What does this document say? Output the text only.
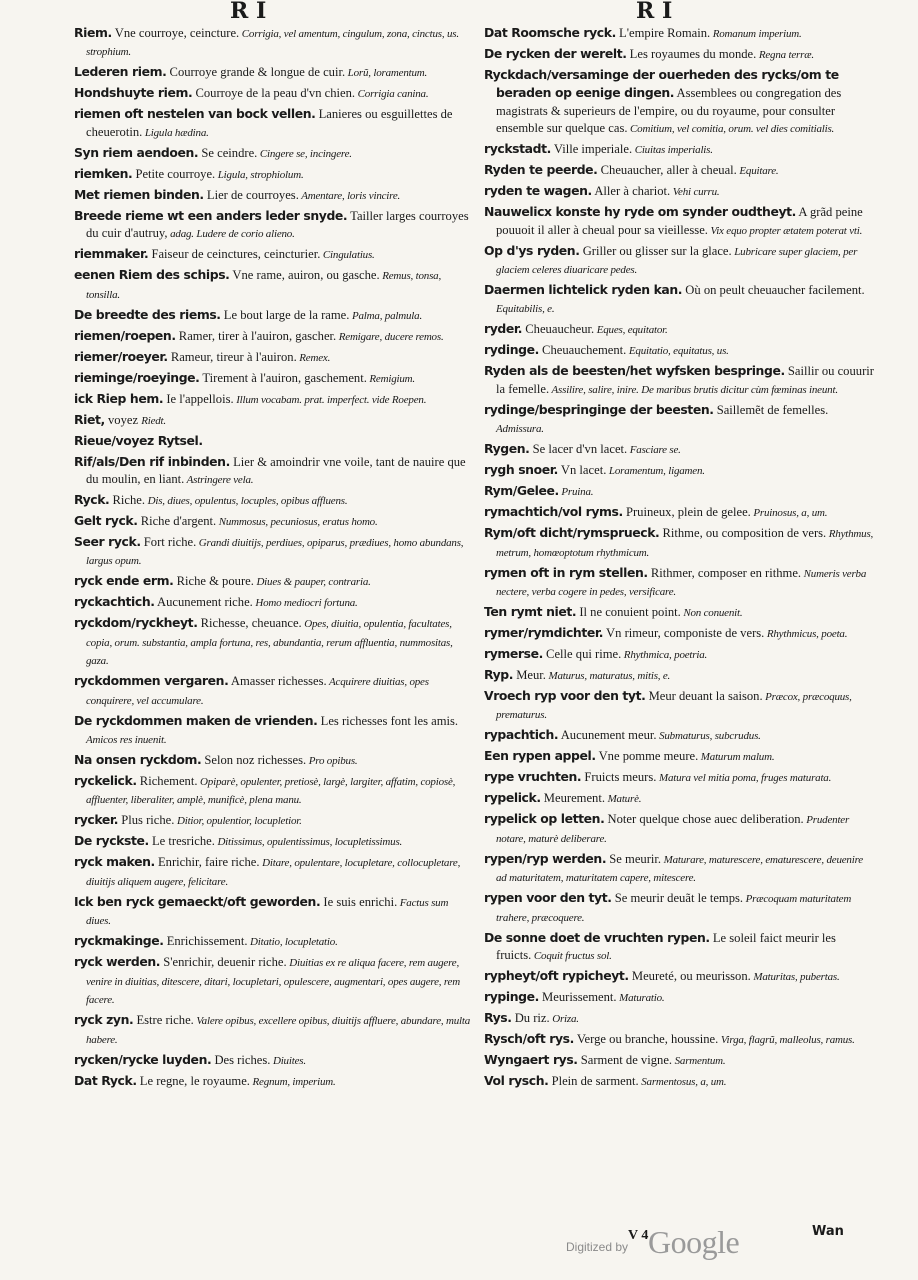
R I	R I
Riem. Vne courroye, ceincture. Corrigia, vel amentum, cingulum, zona, cinctus, us. strophium.
Lederen riem. Courroye grande & longue de cuir. Lorũ, loramentum.
Hondshuyte riem. Courroye de la peau d'vn chien. Corrigia canina.
riemen oft nestelen van bock vellen. Lanieres ou esguillettes de cheuerotin. Ligula hædina.
Syn riem aendoen. Se ceindre. Cingere se, incingere.
riemken. Petite courroye. Ligula, strophiolum.
Met riemen binden. Lier de courroyes. Amentare, loris vincire.
Breede rieme wt een anders leder snyde. Tailler larges courroyes du cuir d'autruy, adag. Ludere de corio alieno.
riemmaker. Faiseur de ceinctures, ceincturier. Cingulatius.
eenen Riem des schips. Vne rame, auiron, ou gasche. Remus, tonsa, tonsilla.
De breedte des riems. Le bout large de la rame. Palma, palmula.
riemen/roepen. Ramer, tirer à l'auiron, gascher. Remigare, ducere remos.
riemer/roeyer. Rameur, tireur à l'auiron. Remex.
riemingе/roeyinge. Tirement à l'auiron, gaschement. Remigium.
ick Riep hem. Ie l'appellois. Illum vocabam. prat. imperfect. vide Roepen.
Riet, voyez Riedt.
Rieue/voyez Rytsel.
Rif/als/Den rif inbinden. Lier & amoindrir vne voile, tant de nauire que du moulin, en liant. Astringere vela.
Ryck. Riche. Dis, diues, opulentus, locuples, opibus affluens.
Gelt ryck. Riche d'argent. Nummosus, pecuniosus, eratus homo.
Seer ryck. Fort riche. Grandi diuitijs, perdiues, opiparus, prædiues, homo abundans, largus opum.
ryck ende erm. Riche & poure. Diues & pauper, contraria.
ryckachtich. Aucunement riche. Homo mediocri fortuna.
ryckdom/ryckheyt. Richesse, cheuance. Opes, diuitia, opulentia, facultates, copia, orum. substantia, ampla fortuna, res, abundantia, rerum affluentia, nummositas, gaza.
ryckdommen vergaren. Amasser richesses. Acquirere diuitias, opes conquirere, vel accumulare.
De ryckdommen maken de vrienden. Les richesses font les amis. Amicos res inuenit.
Na onsen ryckdom. Selon noz richesses. Pro opibus.
ryckelick. Richement. Opiparè, opulenter, pretiosè, largè, largiter, affatim, copiosè, affluenter, liberaliter, amplè, munificè, plena manu.
rycker. Plus riche. Ditior, opulentior, locupletior.
De ryckste. Le tresriche. Ditissimus, opulentissimus, locupletissimus.
ryck maken. Enrichir, faire riche. Ditare, opulentare, locupletare, collocupletare, diuitijs aliquem augere, felicitare.
Ick ben ryck gemaeckt/oft geworden. Ie suis enrichi. Factus sum diues.
ryckmakinge. Enrichissement. Ditatio, locupletatio.
ryck werden. S'enrichir, deuenir riche. Diuitias ex re aliqua facere, rem augere, venire in diuitias, ditescere, ditari, locupletari, opulescere, augmentari, opes augere, rem facere.
ryck zyn. Estre riche. Valere opibus, excellere opibus, diuitijs affluere, abundare, multa habere.
rycken/rycke luyden. Des riches. Diuites.
Dat Ryck. Le regne, le royaume. Regnum, imperium.
Dat Roomsche ryck. L'empire Romain. Romanum imperium.
De rycken der werelt. Les royaumes du monde. Regna terræ.
Ryckdach/versaminge der ouerheden des rycks/om te beraden op eenige dingen. Assemblees ou congregation des magistrats & superieurs de l'empire, ou du royaume, pour consulter ensemble sur quelque cas. Comitium, vel comitia, orum. vel dies comitialis.
ryckstadt. Ville imperiale. Ciuitas imperialis.
Ryden te peerde. Cheuaucher, aller à cheual. Equitare.
ryden te wagen. Aller à chariot. Vehi curru.
Nauwelicx konste hy ryde om synder oudtheyt. A grãd peine pouuoit il aller à cheual pour sa vieillesse. Vix equo propter ætatem poterat vti.
Op d'ys ryden. Griller ou glisser sur la glace. Lubricare super glaciem, per glaciem celeres diuaricare pedes.
Daermen lichtelick ryden kan. Où on peult cheuaucher facilement. Equitabilis, e.
ryder. Cheuaucheur. Eques, equitator.
rydinge. Cheuauchement. Equitatio, equitatus, us.
Ryden als de beesten/het wyfsken bespringe. Saillir ou couurir la femelle. Assilire, salire, inire. De maribus brutis dicitur cùm fœminas ineunt.
rydinge/bespringinge der beesten. Saillemẽt de femelles. Admissura.
Rygen. Se lacer d'vn lacet. Fasciare se.
rygh snoer. Vn lacet. Loramentum, ligamen.
Rym/Gelee. Pruina.
rymachtich/vol ryms. Pruineux, plein de gelee. Pruinosus, a, um.
Rym/oft dicht/rymsprueck. Rithme, ou composition de vers. Rhythmus, metrum, homœoptotum rhythmicum.
rymen oft in rym stellen. Rithmer, composer en rithme. Numeris verba nectere, verba cogere in pedes, versificare.
Ten rymt niet. Il ne conuient point. Non conuenit.
rymer/rymdichter. Vn rimeur, componiste de vers. Rhythmicus, poeta.
rymerse. Celle qui rime. Rhythmica, poetria.
Ryp. Meur. Maturus, maturatus, mitis, e.
Vroech ryp voor den tyt. Meur deuant la saison. Præcox, præcoquus, prematurus.
rypachtich. Aucunement meur. Submaturus, subcrudus.
Een rypen appel. Vne pomme meure. Maturum malum.
rype vruchten. Fruicts meurs. Matura vel mitia poma, fruges maturata.
rypelick. Meurement. Maturè.
rypelick op letten. Noter quelque chose auec deliberation. Prudenter notare, maturè deliberare.
rypen/ryp werden. Se meurir. Maturare, maturescere, ematurescere, deuenire ad maturitatem, maturitatem capere, mitescere.
rypen voor den tyt. Se meurir deuãt le temps. Præcoquam maturitatem trahere, præcoquere.
De sonne doet de vruchten rypen. Le soleil faict meurir les fruicts. Coquit fructus sol.
rypheyt/oft rypicheyt. Meureté, ou meurisson. Maturitas, pubertas.
rypinge. Meurissement. Maturatio.
Rys. Du riz. Oriza.
Rysch/oft rys. Verge ou branche, houssine. Virga, flagrũ, malleolus, ramus.
Wyngaert rys. Sarment de vigne. Sarmentum.
Vol rysch. Plein de sarment. Sarmentosus, a, um.
V 4
Digitized by Google	Wan
